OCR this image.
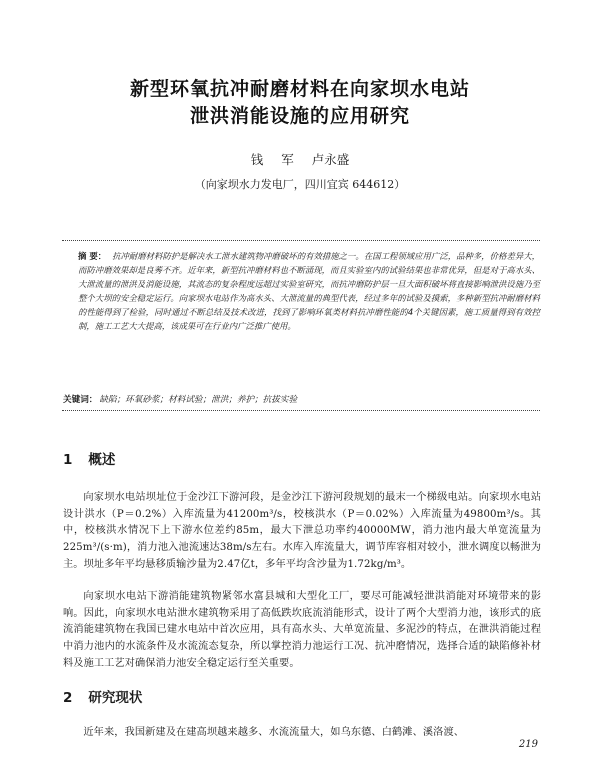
新型环氧抗冲耐磨材料在向家坝水电站
泄洪消能设施的应用研究
钱 军 卢永盛
（向家坝水力发电厂，四川宜宾 644612）
摘 要： 抗冲耐磨材料防护是解决水工泄水建筑物冲磨破坏的有效措施之一。在国工程领域应用广泛，品种多，价格差异大，而防冲磨效果却是良莠不齐。近年来，新型抗冲磨材料也不断涌现，而且实验室内的试验结果也非常优异，但是对于高水头、大泄流量的泄洪及消能设施，其流态的复杂程度远超过实验室研究，而抗冲磨防护层一旦大面积破坏将直接影响泄洪设施乃至整个大坝的安全稳定运行。向家坝水电站作为高水头、大泄流量的典型代表，经过多年的试验及摸索，多种新型抗冲耐磨材料的性能得到了检验，同时通过不断总结及技术改进，找到了影响环氧类材料抗冲磨性能的4个关键因素，施工质量得到有效控制，施工工艺大大提高，该成果可在行业内广泛推广使用。
关键词： 缺陷；环氧砂浆；材料试验；泄洪；养护；抗拔实验
1 概述

向家坝水电站坝址位于金沙江下游河段，是金沙江下游河段规划的最末一个梯级电站。向家坝水电站设计洪水（P＝0.2%）入库流量为41200m³/s，校核洪水（P＝0.02%）入库流量为49800m³/s。其中，校核洪水情况下上下游水位差约85m，最大下泄总功率约40000MW，消力池内最大单宽流量为225m³/(s·m)，消力池入池流速达38m/s左右。水库入库流量大，调节库容相对较小，泄水调度以畅泄为主。坝址多年平均悬移质输沙量为2.47亿t，多年平均含沙量为1.72kg/m³。

向家坝水电站下游消能建筑物紧邻水富县城和大型化工厂，要尽可能减轻泄洪消能对环境带来的影响。因此，向家坝水电站泄水建筑物采用了高低跌坎底流消能形式，设计了两个大型消力池，该形式的底流消能建筑物在我国已建水电站中首次应用，具有高水头、大单宽流量、多泥沙的特点，在泄洪消能过程中消力池内的水流条件及水流流态复杂，所以掌控消力池运行工况、抗冲磨情况，选择合适的缺陷修补材料及施工工艺对确保消力池安全稳定运行至关重要。

2 研究现状

近年来，我国新建及在建高坝越来越多、水流流量大，如乌东德、白鹤滩、溪洛渡、

219
